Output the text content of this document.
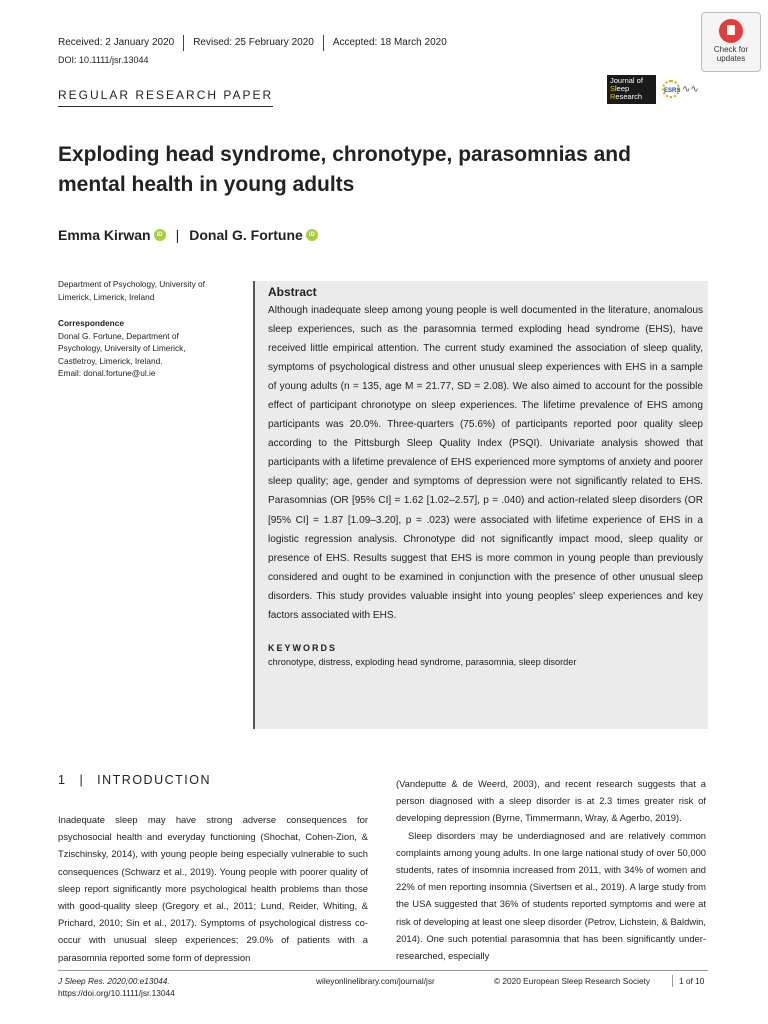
Received: 2 January 2020	Revised: 25 February 2020	Accepted: 18 March 2020
DOI: 10.1111/jsr.13044
REGULAR RESEARCH PAPER
Check for
updates
Journal of
Sleep
Research
ESRS ∿∿
Exploding head syndrome, chronotype, parasomnias and
mental health in young adults
Emma Kirwan	iD | Donal G. Fortune	iD
Department of Psychology, University of
Limerick, Limerick, Ireland
Correspondence
Donal G. Fortune, Department of
Psychology, University of Limerick,
Castletroy, Limerick, Ireland.
Email: donal.fortune@ul.ie
Abstract

Although inadequate sleep among young people is well documented in the literature, anomalous sleep experiences, such as the parasomnia termed exploding head syndrome (EHS), have received little empirical attention. The current study examined the association of sleep quality, symptoms of psychological distress and other unusual sleep experiences with EHS in a sample of young adults (n = 135, age M = 21.77, SD = 2.08). We also aimed to account for the possible effect of participant chronotype on sleep experiences. The lifetime prevalence of EHS among participants was 20.0%. Three-quarters (75.6%) of participants reported poor quality sleep according to the Pittsburgh Sleep Quality Index (PSQI). Univariate analysis showed that participants with a lifetime prevalence of EHS experienced more symptoms of anxiety and poorer sleep quality; age, gender and symptoms of depression were not significantly related to EHS. Parasomnias (OR [95% CI] = 1.62 [1.02–2.57], p = .040) and action-related sleep disorders (OR [95% CI] = 1.87 [1.09–3.20], p = .023) were associated with lifetime experience of EHS in a logistic regression analysis. Chronotype did not significantly impact mood, sleep quality or presence of EHS. Results suggest that EHS is more common in young people than previously considered and ought to be examined in conjunction with the presence of other unusual sleep disorders. This study provides valuable insight into young peoples' sleep experiences and key factors associated with EHS.

KEYWORDS
chronotype, distress, exploding head syndrome, parasomnia, sleep disorder
1 | INTRODUCTION

Inadequate sleep may have strong adverse consequences for psychosocial health and everyday functioning (Shochat, Cohen-Zion, & Tzischinsky, 2014), with young people being especially vulnerable to such consequences (Schwarz et al., 2019). Young people with poorer quality of sleep report significantly more psychological health problems than those with good-quality sleep (Gregory et al., 2011; Lund, Reider, Whiting, & Prichard, 2010; Sin et al., 2017). Symptoms of psychological distress co-occur with unusual sleep experiences; 29.0% of patients with a parasomnia reported some form of depression

(Vandeputte & de Weerd, 2003), and recent research suggests that a person diagnosed with a sleep disorder is at 2.3 times greater risk of developing depression (Byrne, Timmermann, Wray, & Agerbo, 2019).

Sleep disorders may be underdiagnosed and are relatively common complaints among young adults. In one large national study of over 50,000 students, rates of insomnia increased from 2011, with 34% of women and 22% of men reporting insomnia (Sivertsen et al., 2019). A large study from the USA suggested that 36% of students reported symptoms and were at risk of developing at least one sleep disorder (Petrov, Lichstein, & Baldwin, 2014). One such potential parasomnia that has been significantly under-researched, especially

J Sleep Res. 2020;00:e13044.
https://doi.org/10.1111/jsr.13044
wileyonlinelibrary.com/journal/jsr	© 2020 European Sleep Research Society	1 of 10
